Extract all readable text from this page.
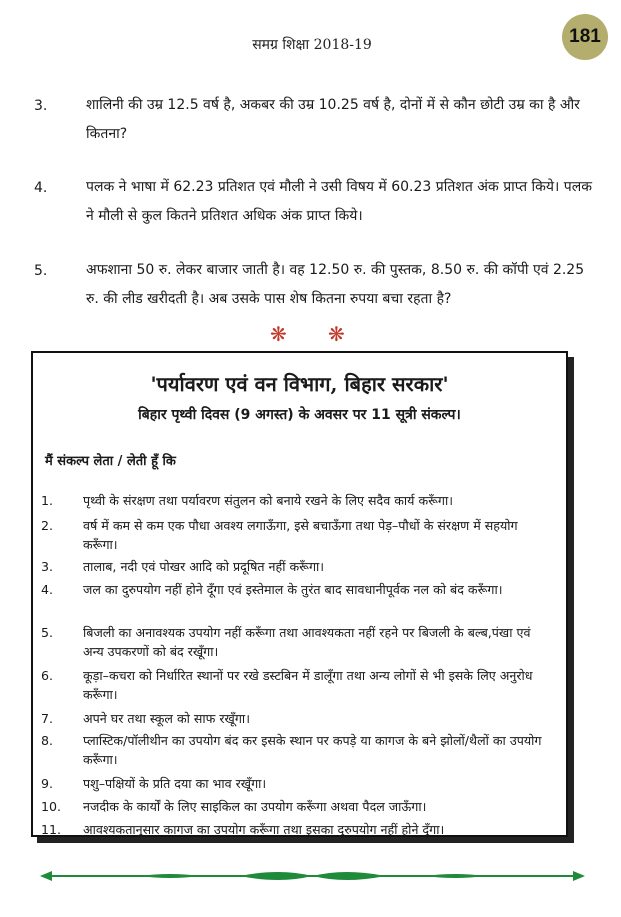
समग्र शिक्षा 2018-19	181
3.	शालिनी की उम्र 12.5 वर्ष है, अकबर की उम्र 10.25 वर्ष है, दोनों में से कौन छोटी उम्र का है और कितना?
4.	पलक ने भाषा में 62.23 प्रतिशत एवं मौली ने उसी विषय में 60.23 प्रतिशत अंक प्राप्त किये। पलक ने मौली से कुल कितने प्रतिशत अधिक अंक प्राप्त किये।
5.	अफशाना 50 रु. लेकर बाजार जाती है। वह 12.50 रु. की पुस्तक, 8.50 रु. की कॉपी एवं 2.25 रु. की लीड खरीदती है। अब उसके पास शेष कितना रुपया बचा रहता है?
❋ ❋
'पर्यावरण एवं वन विभाग, बिहार सरकार'
बिहार पृथ्वी दिवस (9 अगस्त) के अवसर पर 11 सूत्री संकल्प।
मैं संकल्प लेता / लेती हूँ कि
1.	पृथ्वी के संरक्षण तथा पर्यावरण संतुलन को बनाये रखने के लिए सदैव कार्य करूँगा।
2.	वर्ष में कम से कम एक पौधा अवश्य लगाऊँगा, इसे बचाऊँगा तथा पेड़–पौधों के संरक्षण में सहयोग करूँगा।
3.	तालाब, नदी एवं पोखर आदि को प्रदूषित नहीं करूँगा।
4.	जल का दुरुपयोग नहीं होने दूँगा एवं इस्तेमाल के तुरंत बाद सावधानीपूर्वक नल को बंद करूँगा।
5.	बिजली का अनावश्यक उपयोग नहीं करूँगा तथा आवश्यकता नहीं रहने पर बिजली के बल्ब,पंखा एवं अन्य उपकरणों को बंद रखूँगा।
6.	कूड़ा–कचरा को निर्धारित स्थानों पर रखे डस्टबिन में डालूँगा तथा अन्य लोगों से भी इसके लिए अनुरोध करूँगा।
7.	अपने घर तथा स्कूल को साफ रखूँगा।
8.	प्लास्टिक/पॉलीथीन का उपयोग बंद कर इसके स्थान पर कपड़े या कागज के बने झोलों/थैलों का उपयोग करूँगा।
9.	पशु–पक्षियों के प्रति दया का भाव रखूँगा।
10.	नजदीक के कार्यों के लिए साइकिल का उपयोग करूँगा अथवा पैदल जाऊँगा।
11.	आवश्यकतानुसार कागज का उपयोग करूँगा तथा इसका दुरुपयोग नहीं होने दूँगा।
